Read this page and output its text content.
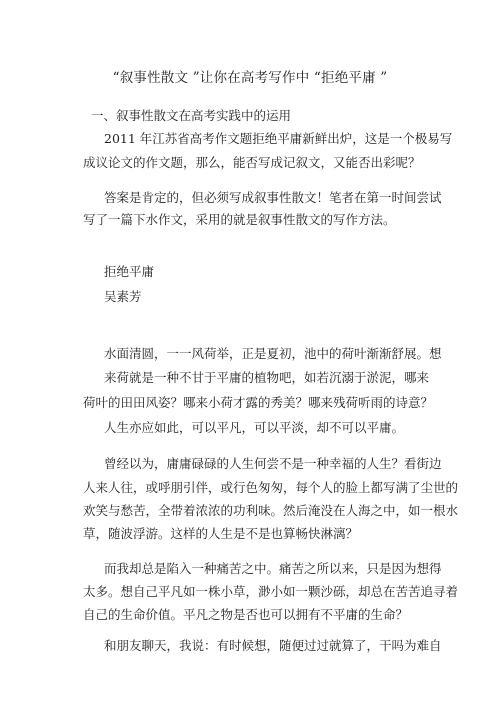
“叙事性散文 ”让你在高考写作中 “拒绝平庸 ”
一、叙事性散文在高考实践中的运用
2011 年江苏省高考作文题拒绝平庸新鲜出炉，这是一个极易写
成议论文的作文题，那么，能否写成记叙文，又能否出彩呢？
答案是肯定的，但必须写成叙事性散文！笔者在第一时间尝试
写了一篇下水作文，采用的就是叙事性散文的写作方法。
拒绝平庸
吴素芳
水面清圆，一一风荷举，正是夏初，池中的荷叶渐渐舒展。想
来荷就是一种不甘于平庸的植物吧，如若沉溺于淤泥，哪来
荷叶的田田风姿？哪来小荷才露的秀美？哪来残荷听雨的诗意？
人生亦应如此，可以平凡，可以平淡，却不可以平庸。
曾经以为，庸庸碌碌的人生何尝不是一种幸福的人生？看街边
人来人往，或呼朋引伴，或行色匆匆，每个人的脸上都写满了尘世的
欢笑与愁苦，全带着浓浓的功利味。然后淹没在人海之中，如一根水
草，随波浮游。这样的人生是不是也算畅快淋漓？
而我却总是陷入一种痛苦之中。痛苦之所以来，只是因为想得
太多。想自己平凡如一株小草，渺小如一颗沙砾，却总在苦苦追寻着
自己的生命价值。平凡之物是否也可以拥有不平庸的生命？
和朋友聊天，我说：有时候想，随便过过就算了，干吗为难自
